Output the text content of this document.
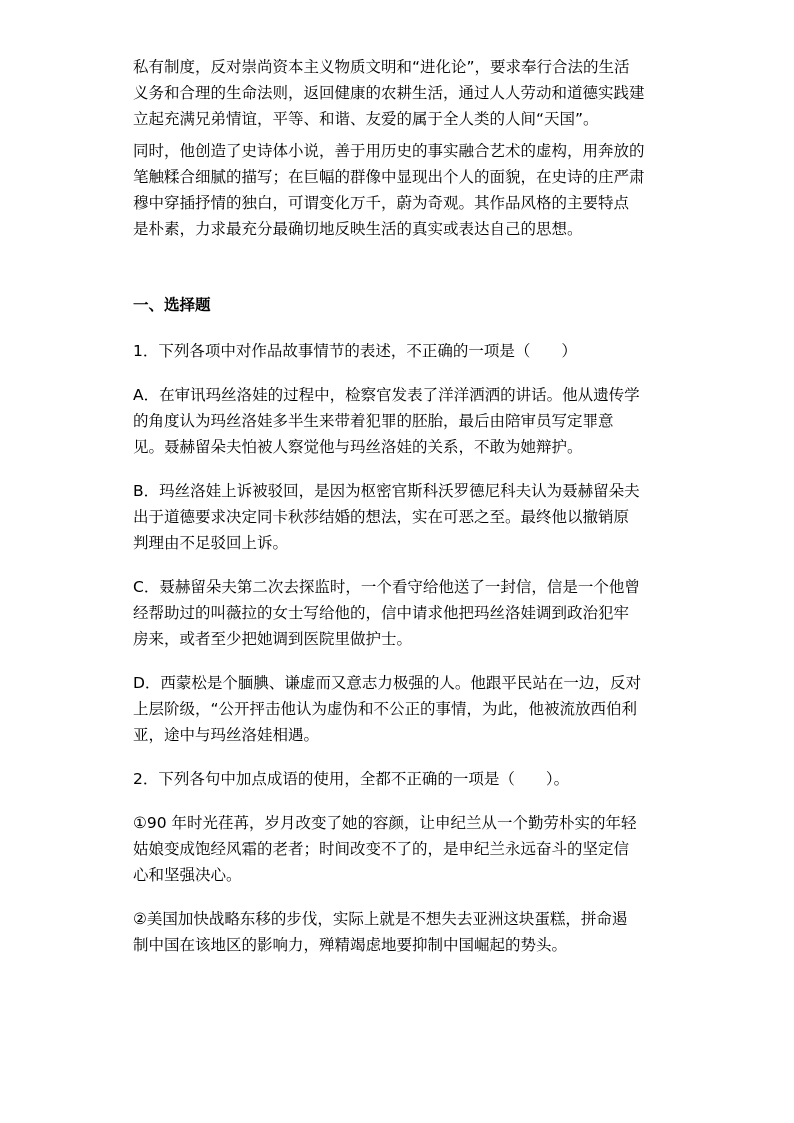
私有制度，反对崇尚资本主义物质文明和“进化论”，要求奉行合法的生活
义务和合理的生命法则，返回健康的农耕生活，通过人人劳动和道德实践建
立起充满兄弟情谊，平等、和谐、友爱的属于全人类的人间“天国”。

同时，他创造了史诗体小说，善于用历史的事实融合艺术的虚构，用奔放的
笔触糅合细腻的描写；在巨幅的群像中显现出个人的面貌，在史诗的庄严肃
穆中穿插抒情的独白，可谓变化万千，蔚为奇观。其作品风格的主要特点
是朴素，力求最充分最确切地反映生活的真实或表达自己的思想。

一、选择题

1．下列各项中对作品故事情节的表述，不正确的一项是（　　）

A．在审讯玛丝洛娃的过程中，检察官发表了洋洋洒洒的讲话。他从遗传学
的角度认为玛丝洛娃多半生来带着犯罪的胚胎，最后由陪审员写定罪意
见。聂赫留朵夫怕被人察觉他与玛丝洛娃的关系，不敢为她辩护。

B．玛丝洛娃上诉被驳回，是因为枢密官斯科沃罗德尼科夫认为聂赫留朵夫
出于道德要求决定同卡秋莎结婚的想法，实在可恶之至。最终他以撤销原
判理由不足驳回上诉。

C．聂赫留朵夫第二次去探监时，一个看守给他送了一封信，信是一个他曾
经帮助过的叫薇拉的女士写给他的，信中请求他把玛丝洛娃调到政治犯牢
房来，或者至少把她调到医院里做护士。

D．西蒙松是个腼腆、谦虚而又意志力极强的人。他跟平民站在一边，反对
上层阶级，“公开抨击他认为虚伪和不公正的事情，为此，他被流放西伯利
亚，途中与玛丝洛娃相遇。

2．下列各句中加点成语的使用，全都不正确的一项是（　　）。

①90 年时光荏苒，岁月改变了她的容颜，让申纪兰从一个勤劳朴实的年轻
姑娘变成饱经风霜的老者；时间改变不了的，是申纪兰永远奋斗的坚定信
心和坚强决心。

②美国加快战略东移的步伐，实际上就是不想失去亚洲这块蛋糕，拼命遏
制中国在该地区的影响力，殚精竭虑地要抑制中国崛起的势头。
